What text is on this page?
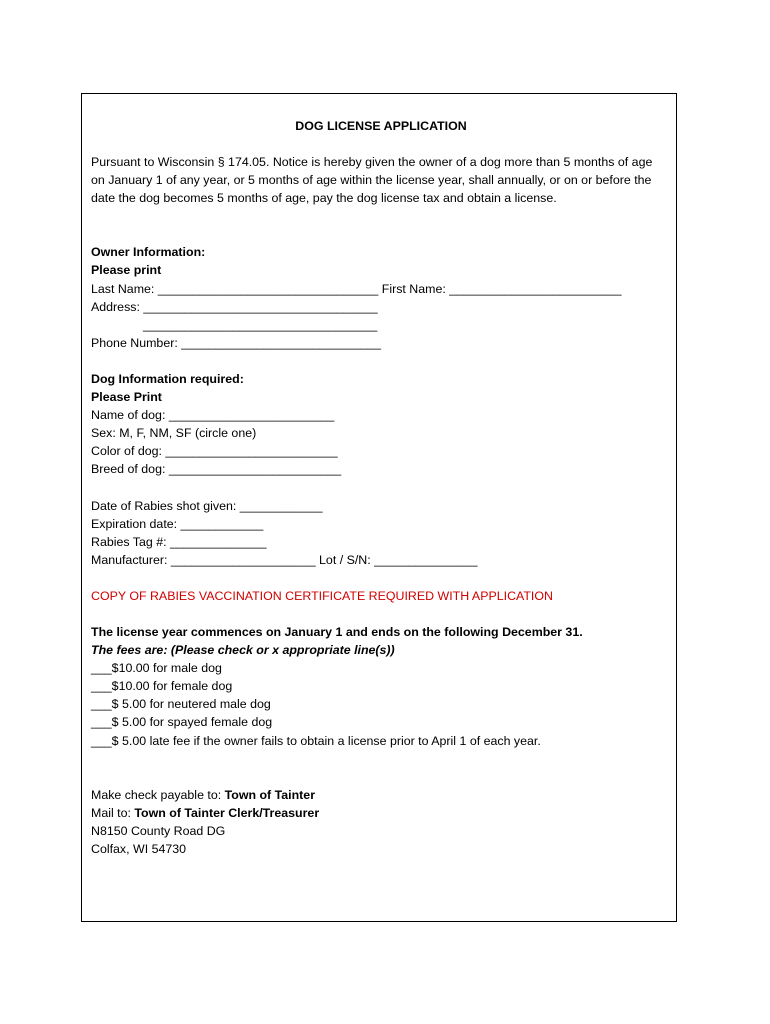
DOG LICENSE APPLICATION
Pursuant to Wisconsin § 174.05. Notice is hereby given the owner of a dog more than 5 months of age on January 1 of any year, or 5 months of age within the license year, shall annually, or on or before the date the dog becomes 5 months of age, pay the dog license tax and obtain a license.
Owner Information:
Please print
Last Name: ________________________________ First Name: _________________________
Address: __________________________________
__________________________________
Phone Number: _____________________________
Dog Information required:
Please Print
Name of dog: ________________________
Sex: M, F, NM, SF (circle one)
Color of dog: _________________________
Breed of dog: _________________________
Date of Rabies shot given: ____________
Expiration date: ____________
Rabies Tag #: ______________
Manufacturer: _____________________ Lot / S/N: _______________
COPY OF RABIES VACCINATION CERTIFICATE REQUIRED WITH APPLICATION
The license year commences on January 1 and ends on the following December 31.
The fees are: (Please check or x appropriate line(s))
___$10.00 for male dog
___$10.00 for female dog
___$ 5.00 for neutered male dog
___$ 5.00 for spayed female dog
___$ 5.00 late fee if the owner fails to obtain a license prior to April 1 of each year.
Make check payable to: Town of Tainter
Mail to: Town of Tainter Clerk/Treasurer
N8150 County Road DG
Colfax, WI 54730
